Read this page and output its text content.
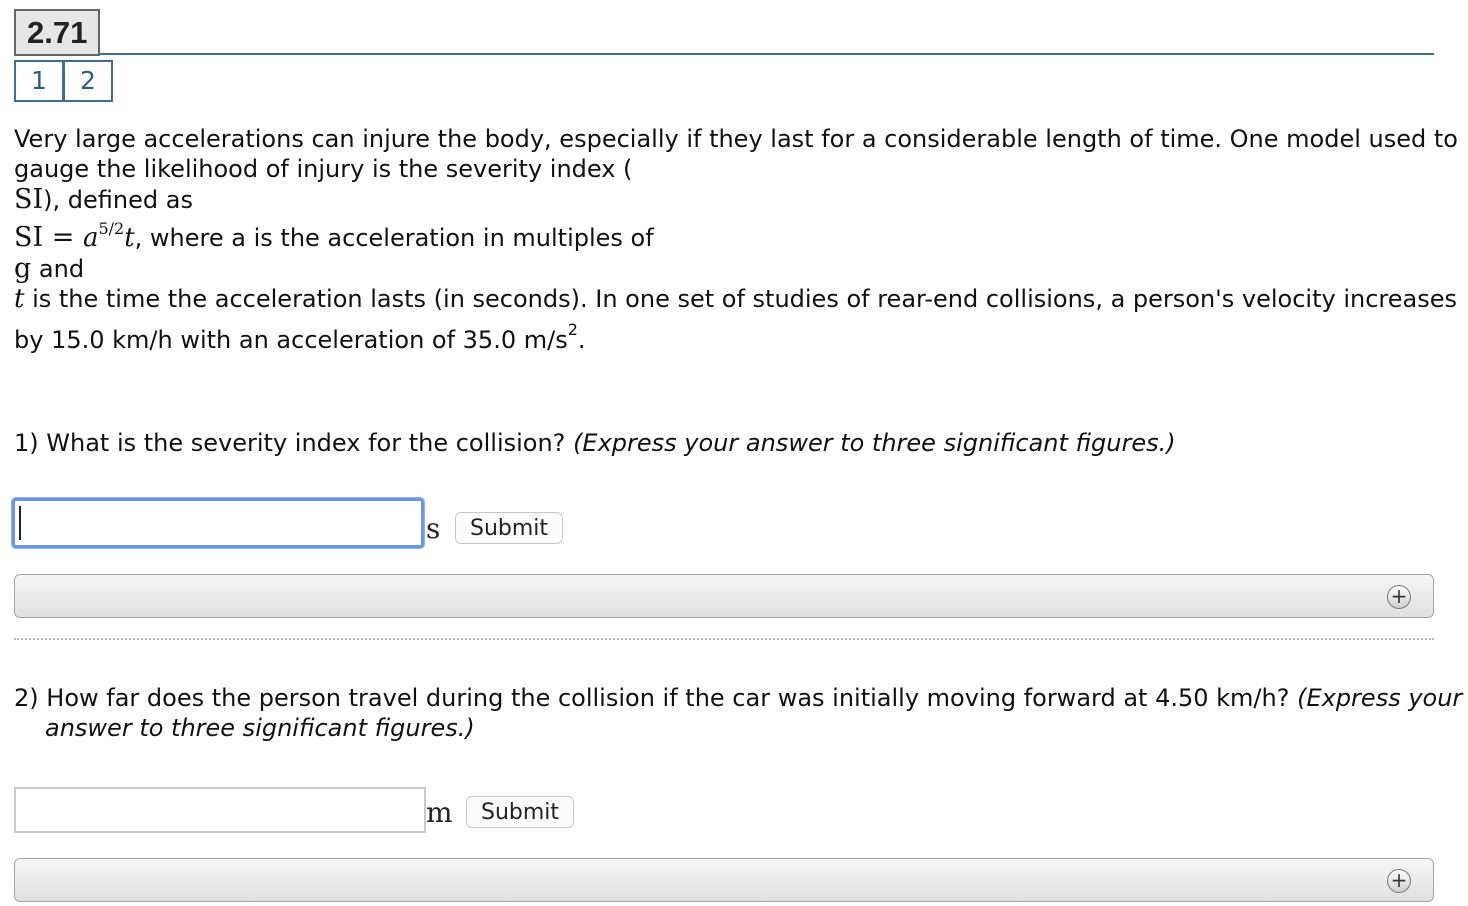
2.71
1	2
Very large accelerations can injure the body, especially if they last for a considerable length of time. One model used to
gauge the likelihood of injury is the severity index (
SI), defined as
SI = $a^{5/2}t$, where a is the acceleration in multiples of
g and
t is the time the acceleration lasts (in seconds). In one set of studies of rear-end collisions, a person's velocity increases
by 15.0 km/h with an acceleration of 35.0 $m/s^2$.
1) What is the severity index for the collision? (Express your answer to three significant figures.)
s	Submit
+
2) How far does the person travel during the collision if the car was initially moving forward at 4.50 km/h? (Express your
answer to three significant figures.)
m	Submit
+
